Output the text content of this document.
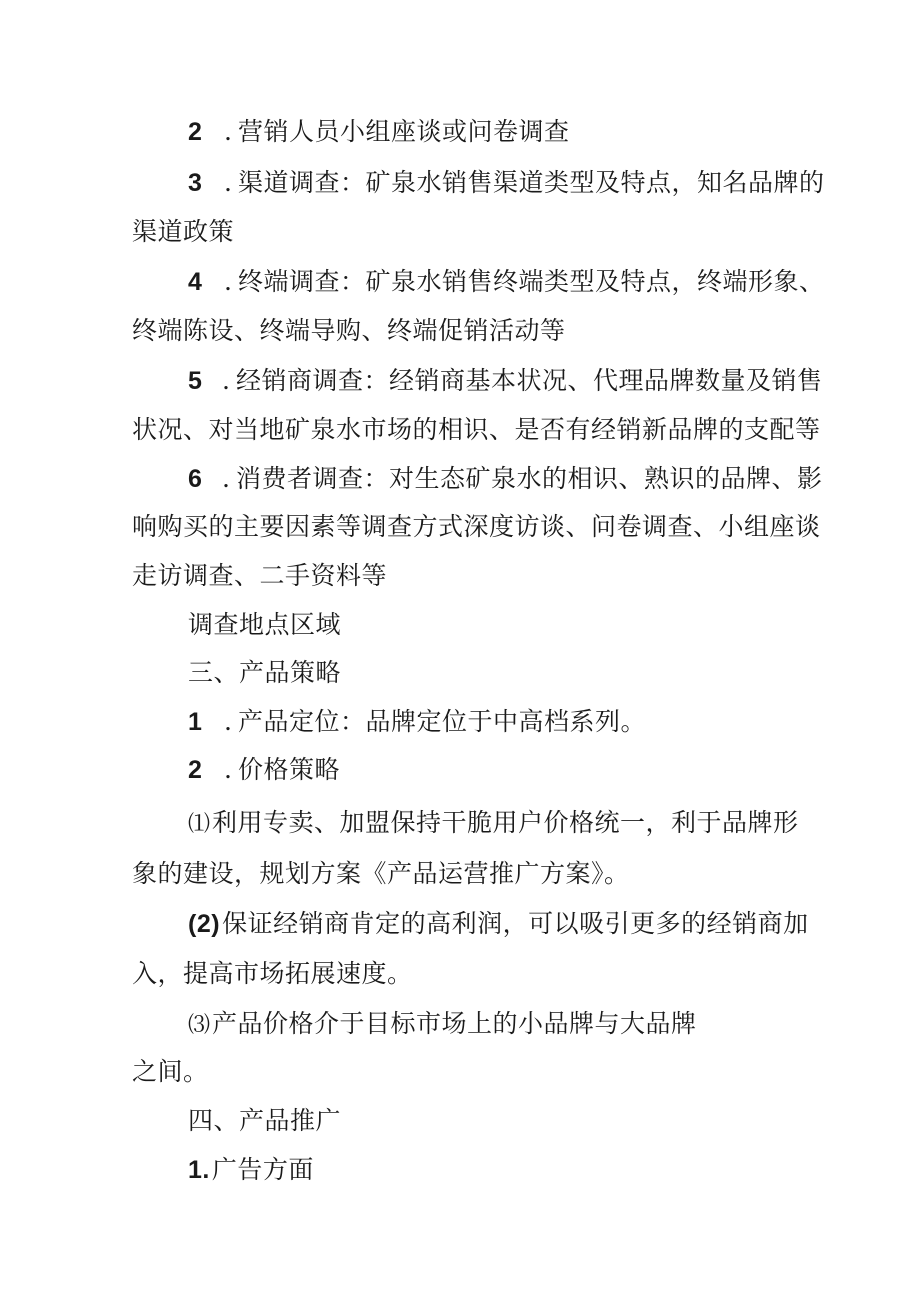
2 . 营销人员小组座谈或问卷调查
3 . 渠道调查：矿泉水销售渠道类型及特点，知名品牌的
渠道政策
4 . 终端调查：矿泉水销售终端类型及特点，终端形象、
终端陈设、终端导购、终端促销活动等
5 . 经销商调查：经销商基本状况、代理品牌数量及销售
状况、对当地矿泉水市场的相识、是否有经销新品牌的支配等
6 . 消费者调查：对生态矿泉水的相识、熟识的品牌、影
响购买的主要因素等调查方式深度访谈、问卷调查、小组座谈
走访调查、二手资料等
调查地点区域
三、产品策略
1 . 产品定位：品牌定位于中高档系列。
2 . 价格策略
⑴利用专卖、加盟保持干脆用户价格统一，利于品牌形
象的建设，规划方案《产品运营推广方案》。
(2)保证经销商肯定的高利润，可以吸引更多的经销商加
入，提高市场拓展速度。
⑶产品价格介于目标市场上的小品牌与大品牌
之间。
四、产品推广
1.广告方面
